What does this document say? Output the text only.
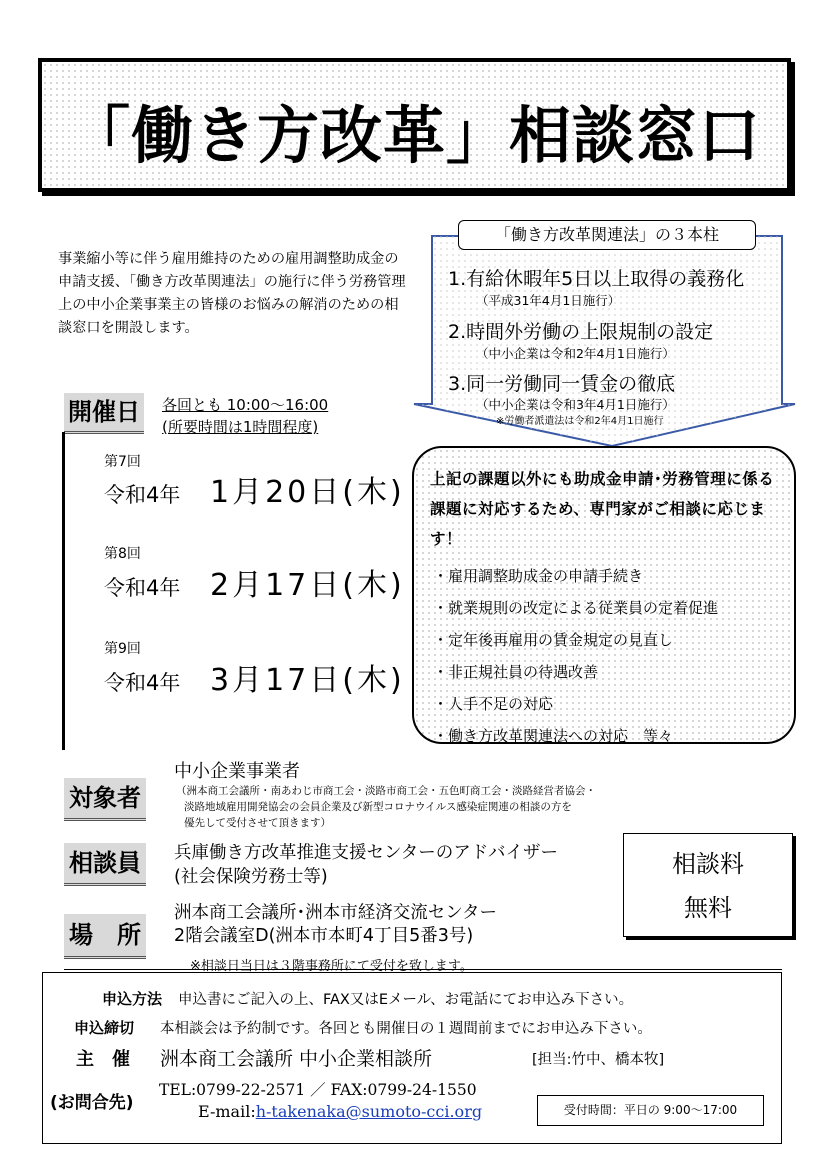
「働き方改革」相談窓口
事業縮小等に伴う雇用維持のための雇用調整助成金の申請支援、「働き方改革関連法」の施行に伴う労務管理上の中小企業事業主の皆様のお悩みの解消のための相談窓口を開設します。
「働き方改革関連法」の３本柱
1.有給休暇年5日以上取得の義務化
（平成31年4月1日施行）
2.時間外労働の上限規制の設定
（中小企業は令和2年4月1日施行）
3.同一労働同一賃金の徹底
（中小企業は令和3年4月1日施行）
※労働者派遣法は令和2年4月1日施行
開催日 各回とも 10:00～16:00
(所要時間は1時間程度)
第7回
令和4年 1月20日(木)
第8回
令和4年 2月17日(木)
第9回
令和4年 3月17日(木)
上記の課題以外にも助成金申請･労務管理に係る課題に対応するため、専門家がご相談に応じます！
・雇用調整助成金の申請手続き
・就業規則の改定による従業員の定着促進
・定年後再雇用の賃金規定の見直し
・非正規社員の待遇改善
・人手不足の対応
・働き方改革関連法への対応　等々
対象者
中小企業事業者
（洲本商工会議所・南あわじ市商工会・淡路市商工会・五色町商工会・淡路経営者協会・
淡路地域雇用開発協会の会員企業及び新型コロナウイルス感染症関連の相談の方を
優先して受付させて頂きます）
相談員 兵庫働き方改革推進支援センターのアドバイザー
(社会保険労務士等)
場　所
洲本商工会議所･洲本市経済交流センター
2階会議室D(洲本市本町4丁目5番3号)
※相談日当日は３階事務所にて受付を致します。
相談料
無料
申込方法 申込書にご記入の上、FAX又はEメール、お電話にてお申込み下さい。
申込締切 本相談会は予約制です。各回とも開催日の１週間前までにお申込み下さい。
主　催 洲本商工会議所 中小企業相談所	[担当:竹中、橋本牧]
(お問合先)
TEL:0799-22-2571 ／ FAX:0799-24-1550
E-mail:h-takenaka@sumoto-cci.org	受付時間：平日の 9:00～17:00
